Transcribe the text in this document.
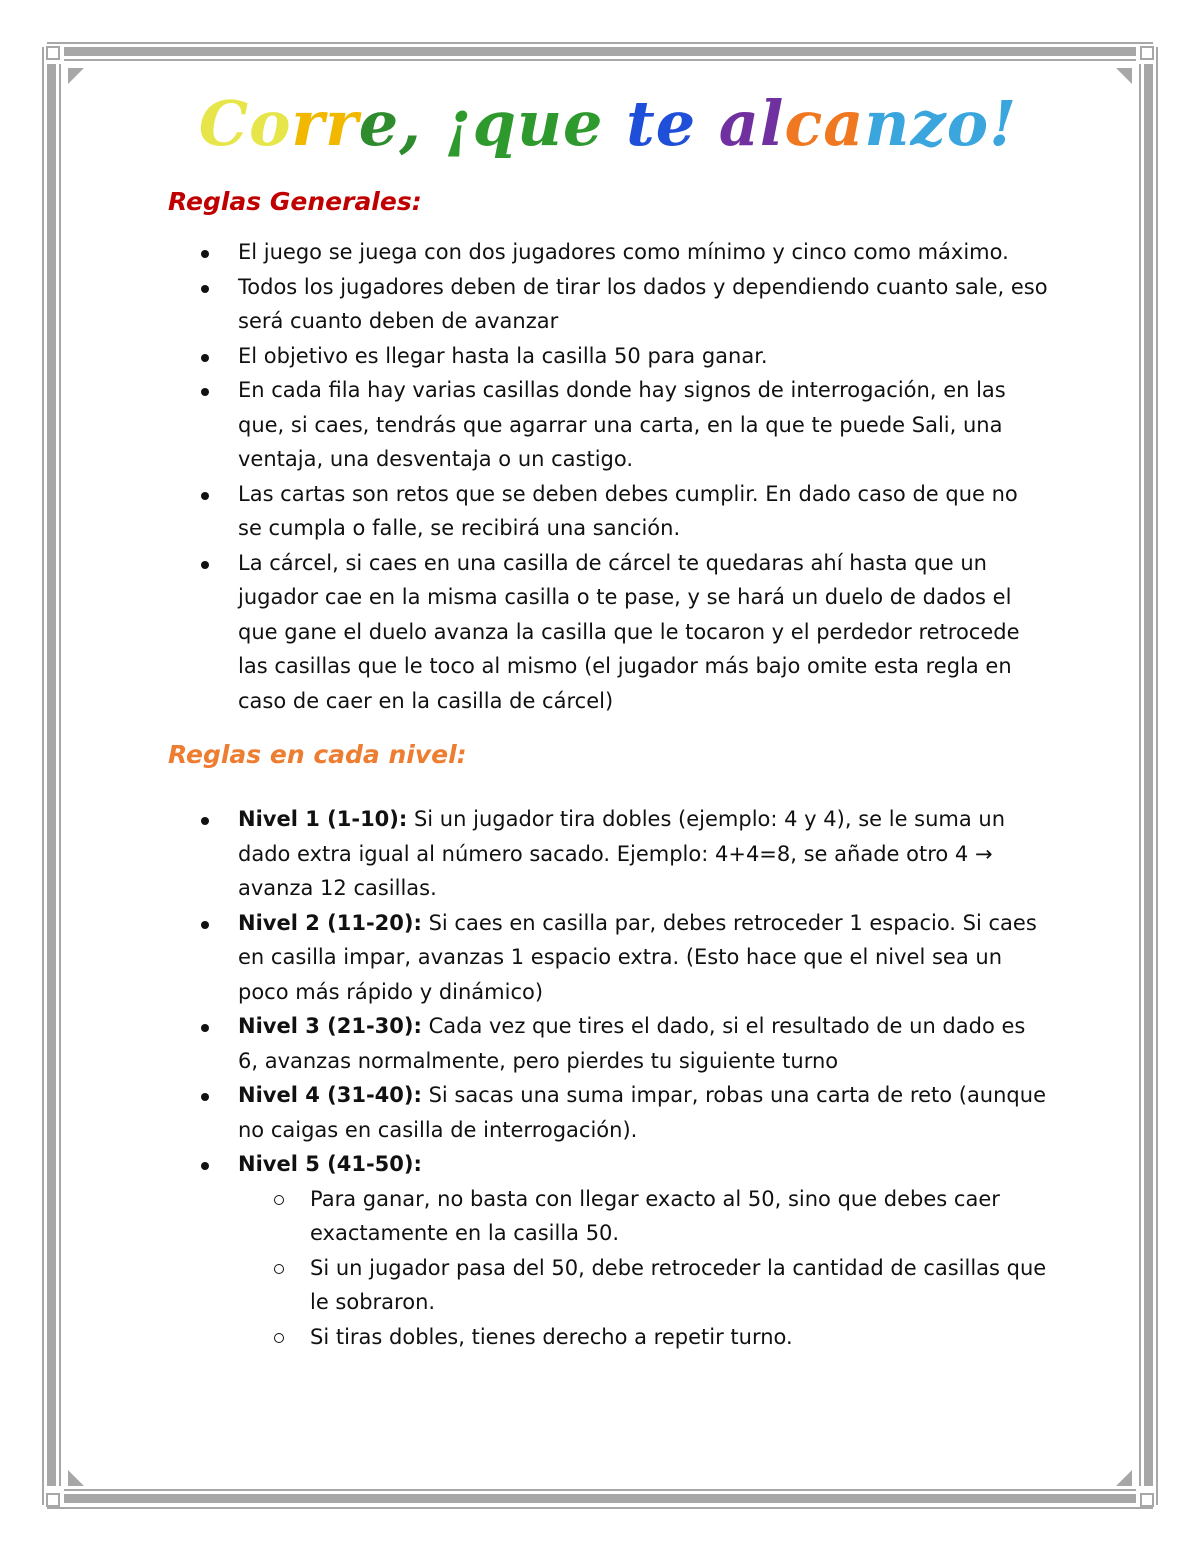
Corre, ¡que te alcanzo!
Reglas Generales:
El juego se juega con dos jugadores como mínimo y cinco como máximo.
Todos los jugadores deben de tirar los dados y dependiendo cuanto sale, eso será cuanto deben de avanzar
El objetivo es llegar hasta la casilla 50 para ganar.
En cada fila hay varias casillas donde hay signos de interrogación, en las que, si caes, tendrás que agarrar una carta, en la que te puede Sali, una ventaja, una desventaja o un castigo.
Las cartas son retos que se deben debes cumplir. En dado caso de que no se cumpla o falle, se recibirá una sanción.
La cárcel, si caes en una casilla de cárcel te quedaras ahí hasta que un jugador cae en la misma casilla o te pase, y se hará un duelo de dados el que gane el duelo avanza la casilla que le tocaron y el perdedor retrocede las casillas que le toco al mismo (el jugador más bajo omite esta regla en caso de caer en la casilla de cárcel)
Reglas en cada nivel:
Nivel 1 (1-10): Si un jugador tira dobles (ejemplo: 4 y 4), se le suma un dado extra igual al número sacado. Ejemplo: 4+4=8, se añade otro 4 → avanza 12 casillas.
Nivel 2 (11-20): Si caes en casilla par, debes retroceder 1 espacio. Si caes en casilla impar, avanzas 1 espacio extra. (Esto hace que el nivel sea un poco más rápido y dinámico)
Nivel 3 (21-30): Cada vez que tires el dado, si el resultado de un dado es 6, avanzas normalmente, pero pierdes tu siguiente turno
Nivel 4 (31-40): Si sacas una suma impar, robas una carta de reto (aunque no caigas en casilla de interrogación).
Nivel 5 (41-50):
Para ganar, no basta con llegar exacto al 50, sino que debes caer exactamente en la casilla 50.
Si un jugador pasa del 50, debe retroceder la cantidad de casillas que le sobraron.
Si tiras dobles, tienes derecho a repetir turno.
